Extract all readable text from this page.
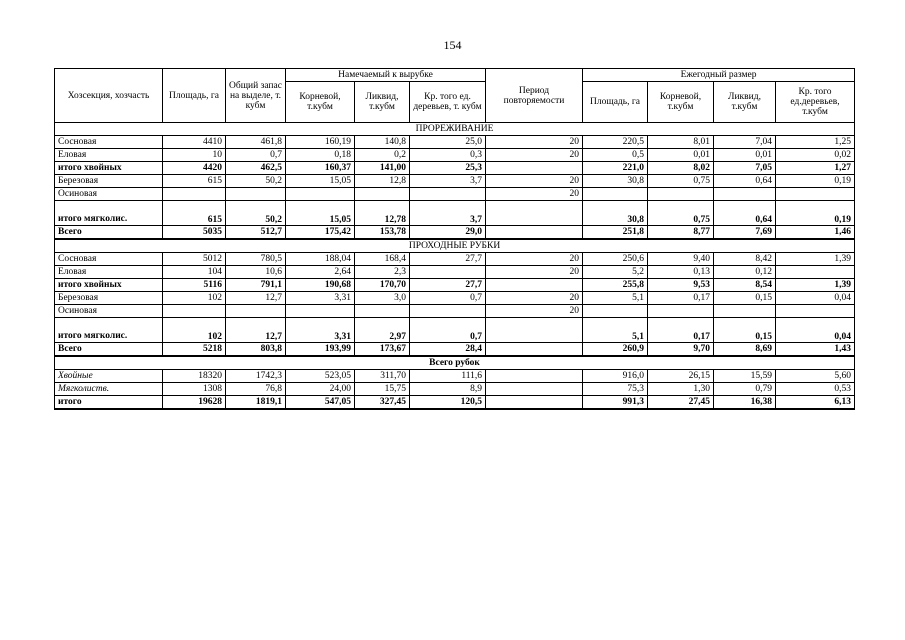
154
Хозсекция, хозчасть	Площадь, га	Общий запас на выделе, т. кубм	Намечаемый к вырубке			Период повторяемости	Ежегодный размер			
			Корневой, т.кубм	Ликвид, т.кубм	Кр. того ед. деревьев, т. кубм		Площадь, га	Корневой, т.кубм	Ликвид, т.кубм	Кр. того ед.деревьев, т.кубм
ПРОРЕЖИВАНИЕ										
Сосновая	4410	461,8	160,19	140,8	25,0	20	220,5	8,01	7,04	1,25
Еловая	10	0,7	0,18	0,2	0,3	20	0,5	0,01	0,01	0,02
итого хвойных	4420	462,5	160,37	141,00	25,3		221,0	8,02	7,05	1,27
Березовая	615	50,2	15,05	12,8	3,7	20	30,8	0,75	0,64	0,19
Осиновая						20				
итого мягколис.	615	50,2	15,05	12,78	3,7		30,8	0,75	0,64	0,19
Всего	5035	512,7	175,42	153,78	29,0		251,8	8,77	7,69	1,46
ПРОХОДНЫЕ РУБКИ										
Сосновая	5012	780,5	188,04	168,4	27,7	20	250,6	9,40	8,42	1,39
Еловая	104	10,6	2,64	2,3		20	5,2	0,13	0,12	
итого хвойных	5116	791,1	190,68	170,70	27,7		255,8	9,53	8,54	1,39
Березовая	102	12,7	3,31	3,0	0,7	20	5,1	0,17	0,15	0,04
Осиновая						20				
итого мягколис.	102	12,7	3,31	2,97	0,7		5,1	0,17	0,15	0,04
Всего	5218	803,8	193,99	173,67	28,4		260,9	9,70	8,69	1,43
Всего рубок										
Хвойные	18320	1742,3	523,05	311,70	111,6		916,0	26,15	15,59	5,60
Мягколиств.	1308	76,8	24,00	15,75	8,9		75,3	1,30	0,79	0,53
итого	19628	1819,1	547,05	327,45	120,5		991,3	27,45	16,38	6,13
